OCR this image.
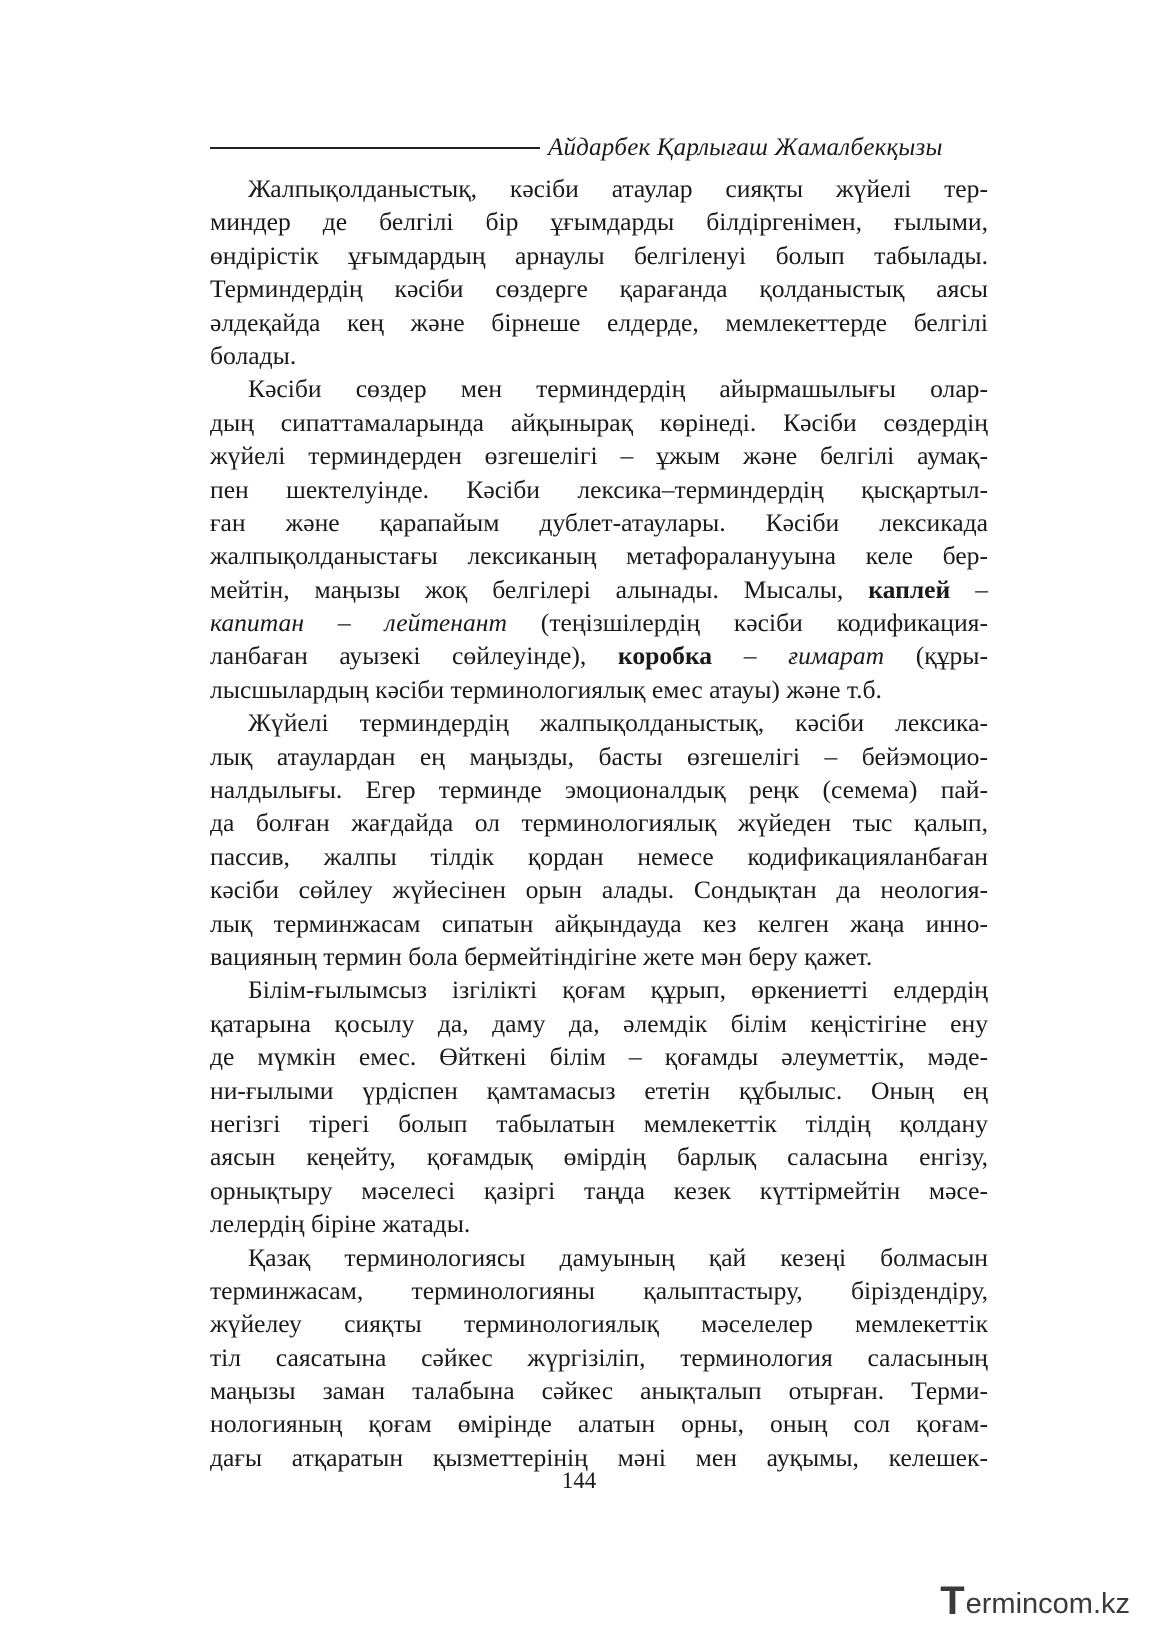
Айдарбек Қарлығаш Жамалбекқызы
Жалпықолданыстық, кәсіби атаулар сияқты жүйелі тер-
миндер де белгілі бір ұғымдарды білдіргенімен, ғылыми,
өндірістік ұғымдардың арнаулы белгіленуі болып табылады.
Терминдердің кәсіби сөздерге қарағанда қолданыстық аясы
әлдеқайда кең және бірнеше елдерде, мемлекеттерде белгілі
болады.
Кәсіби сөздер мен терминдердің айырмашылығы олар-
дың сипаттамаларында айқынырақ көрінеді. Кәсіби сөздердің
жүйелі терминдерден өзгешелігі – ұжым және белгілі аумақ-
пен шектелуінде. Кәсіби лексика–терминдердің қысқартыл-
ған және қарапайым дублет-атаулары. Кәсіби лексикада
жалпықолданыстағы лексиканың метафораланууына келе бер-
мейтін, маңызы жоқ белгілері алынады. Мысалы, каплей –
капитан – лейтенант (теңізшілердің кәсіби кодификация-
ланбаған ауызекі сөйлеуінде), коробка – ғимарат (құры-
лысшылардың кәсіби терминологиялық емес атауы) және т.б.
Жүйелі терминдердің жалпықолданыстық, кәсіби лексика-
лық атаулардан ең маңызды, басты өзгешелігі – бейэмоцио-
налдылығы. Егер терминде эмоционалдық реңк (семема) пай-
да болған жағдайда ол терминологиялық жүйеден тыс қалып,
пассив, жалпы тілдік қордан немесе кодификацияланбаған
кәсіби сөйлеу жүйесінен орын алады. Сондықтан да неология-
лық терминжасам сипатын айқындауда кез келген жаңа инно-
вацияның термин бола бермейтіндігіне жете мән беру қажет.
Білім-ғылымсыз ізгілікті қоғам құрып, өркениетті елдердің
қатарына қосылу да, даму да, әлемдік білім кеңістігіне ену
де мүмкін емес. Өйткені білім – қоғамды әлеуметтік, мәде-
ни-ғылыми үрдіспен қамтамасыз ететін құбылыс. Оның ең
негізгі тірегі болып табылатын мемлекеттік тілдің қолдану
аясын кеңейту, қоғамдық өмірдің барлық саласына енгізу,
орнықтыру мәселесі қазіргі таңда кезек күттірмейтін мәсе-
лелердің біріне жатады.
Қазақ терминологиясы дамуының қай кезеңі болмасын
терминжасам, терминологияны қалыптастыру, біріздендіру,
жүйелеу сияқты терминологиялық мәселелер мемлекеттік
тіл саясатына сәйкес жүргізіліп, терминология саласының
маңызы заман талабына сәйкес анықталып отырған. Терми-
нологияның қоғам өмірінде алатын орны, оның сол қоғам-
дағы атқаратын қызметтерінің мәні мен ауқымы, келешек-
144
T ermincom.kz
